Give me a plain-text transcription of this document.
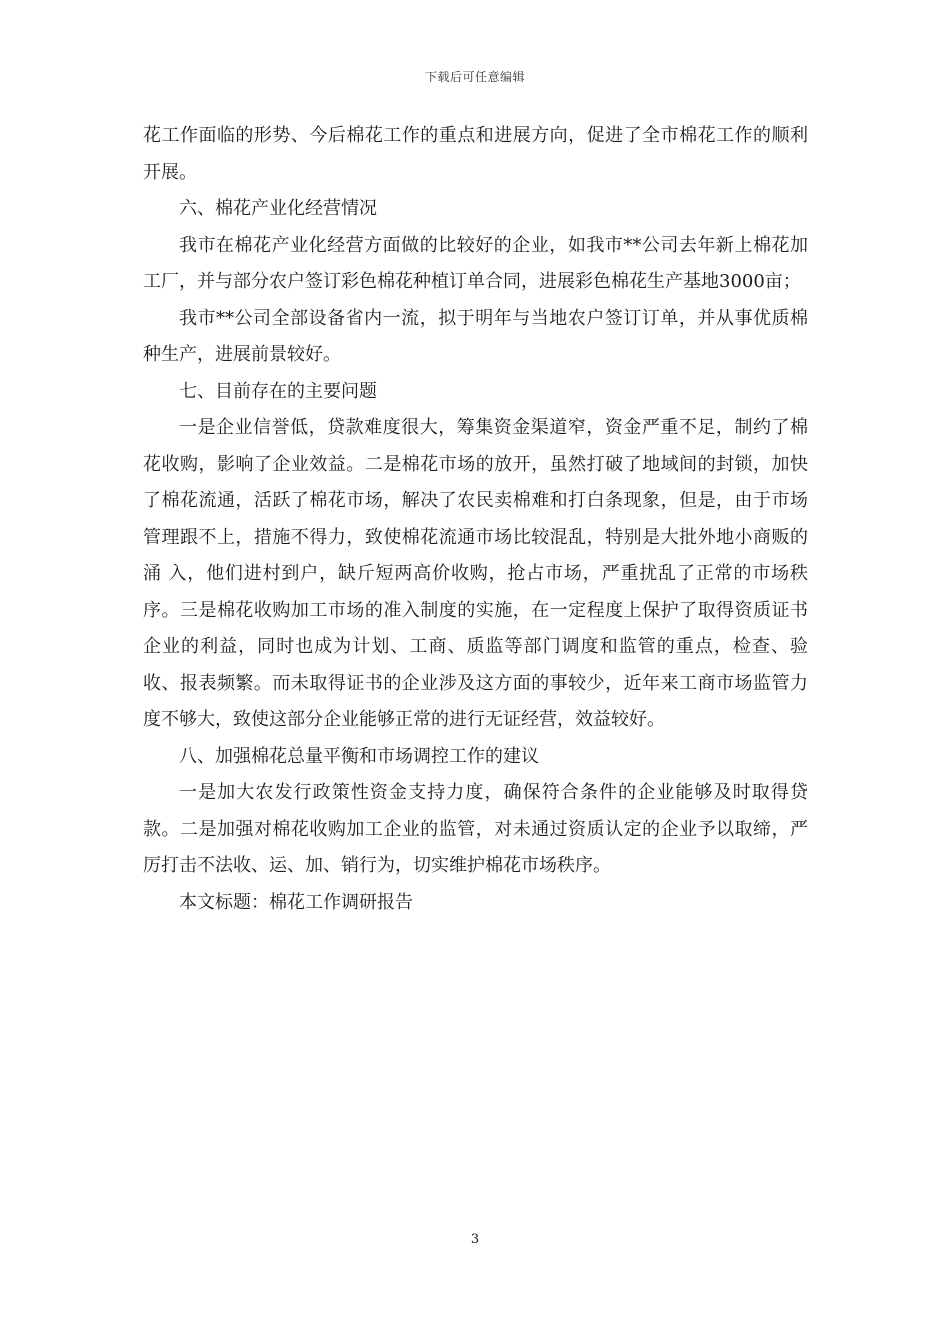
下载后可任意编辑

花工作面临的形势、今后棉花工作的重点和进展方向，促进了全市棉花工作的顺利开展。

六、棉花产业化经营情况

我市在棉花产业化经营方面做的比较好的企业，如我市**公司去年新上棉花加工厂，并与部分农户签订彩色棉花种植订单合同，进展彩色棉花生产基地3000亩；

我市**公司全部设备省内一流，拟于明年与当地农户签订订单，并从事优质棉种生产，进展前景较好。

七、目前存在的主要问题

一是企业信誉低，贷款难度很大，筹集资金渠道窄，资金严重不足，制约了棉花收购，影响了企业效益。二是棉花市场的放开，虽然打破了地域间的封锁，加快了棉花流通，活跃了棉花市场，解决了农民卖棉难和打白条现象，但是，由于市场管理跟不上，措施不得力，致使棉花流通市场比较混乱，特别是大批外地小商贩的涌 入，他们进村到户，缺斤短两高价收购，抢占市场，严重扰乱了正常的市场秩序。三是棉花收购加工市场的准入制度的实施，在一定程度上保护了取得资质证书企业的利益，同时也成为计划、工商、质监等部门调度和监管的重点，检查、验收、报表频繁。而未取得证书的企业涉及这方面的事较少，近年来工商市场监管力度不够大，致使这部分企业能够正常的进行无证经营，效益较好。

八、加强棉花总量平衡和市场调控工作的建议

一是加大农发行政策性资金支持力度，确保符合条件的企业能够及时取得贷款。二是加强对棉花收购加工企业的监管，对未通过资质认定的企业予以取缔，严厉打击不法收、运、加、销行为，切实维护棉花市场秩序。

本文标题：棉花工作调研报告

3
